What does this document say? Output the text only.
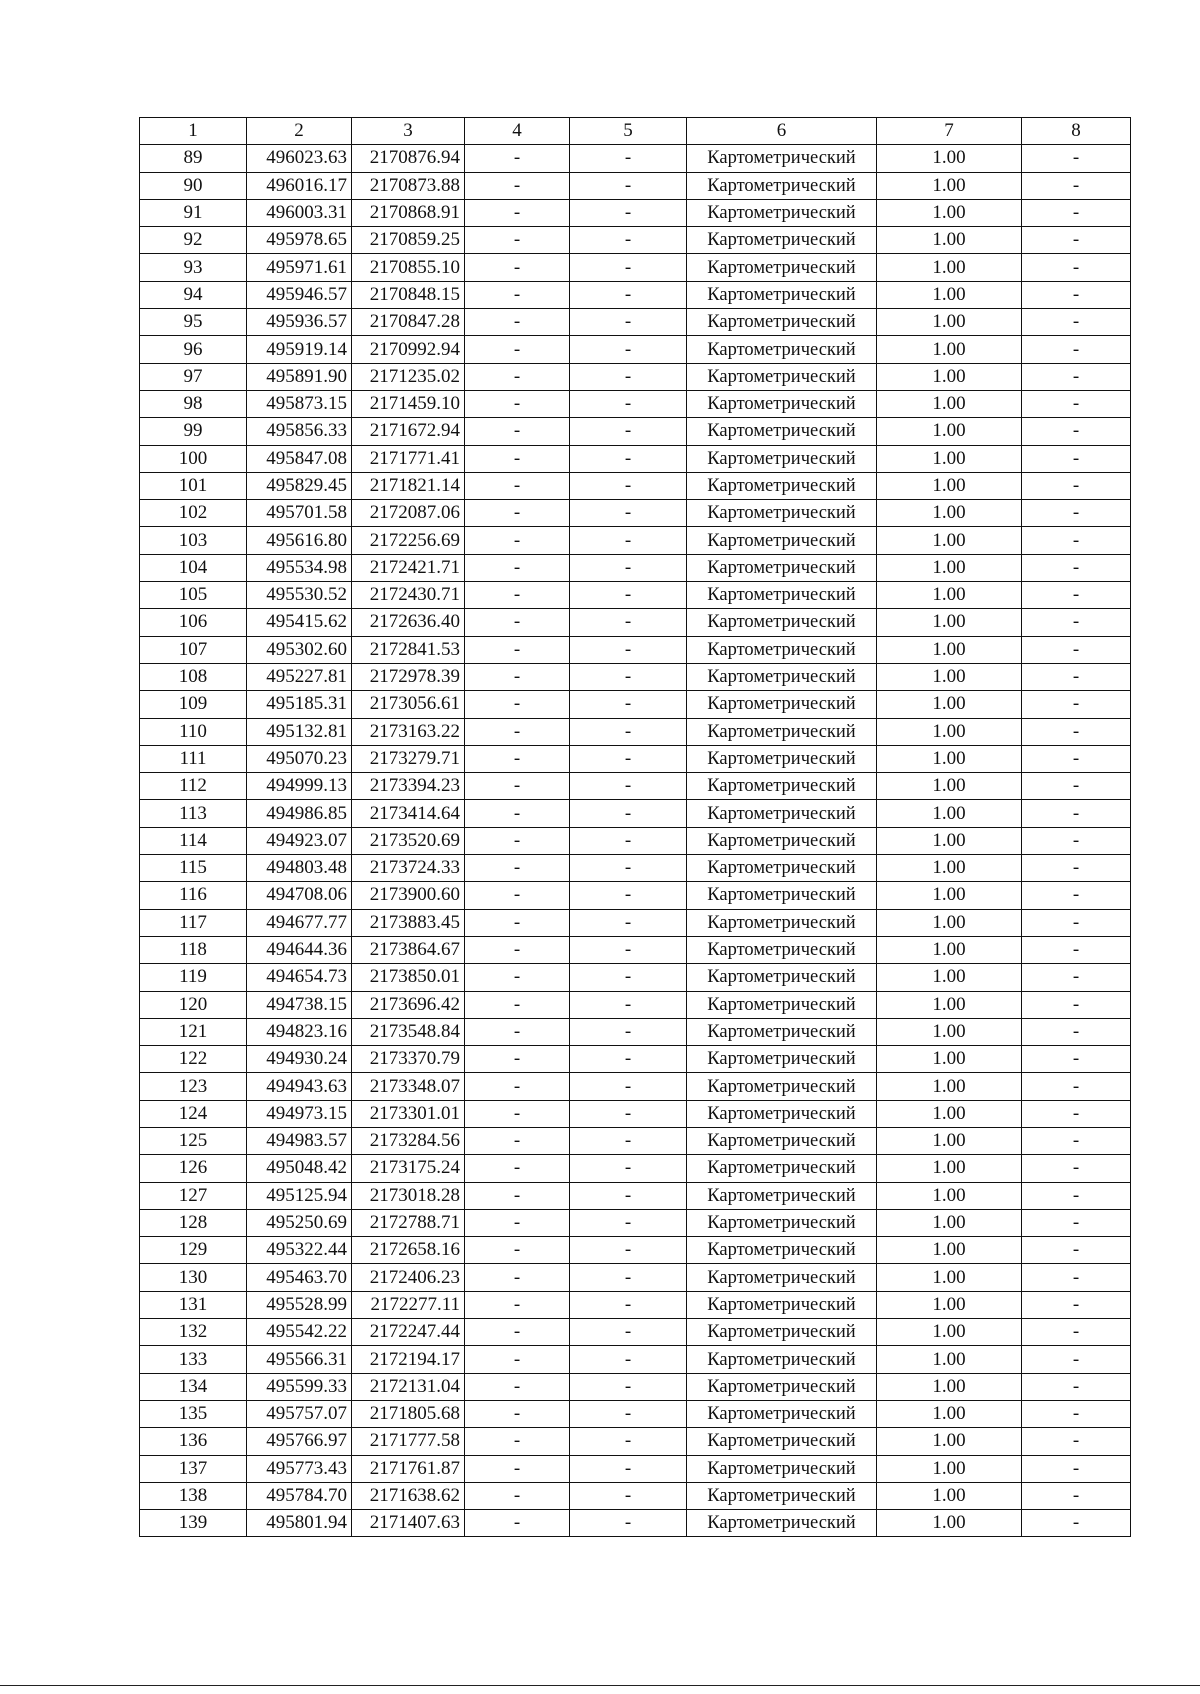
1	2	3	4	5	6	7	8
89	496023.63	2170876.94	-	-	Картометрический	1.00	-
90	496016.17	2170873.88	-	-	Картометрический	1.00	-
91	496003.31	2170868.91	-	-	Картометрический	1.00	-
92	495978.65	2170859.25	-	-	Картометрический	1.00	-
93	495971.61	2170855.10	-	-	Картометрический	1.00	-
94	495946.57	2170848.15	-	-	Картометрический	1.00	-
95	495936.57	2170847.28	-	-	Картометрический	1.00	-
96	495919.14	2170992.94	-	-	Картометрический	1.00	-
97	495891.90	2171235.02	-	-	Картометрический	1.00	-
98	495873.15	2171459.10	-	-	Картометрический	1.00	-
99	495856.33	2171672.94	-	-	Картометрический	1.00	-
100	495847.08	2171771.41	-	-	Картометрический	1.00	-
101	495829.45	2171821.14	-	-	Картометрический	1.00	-
102	495701.58	2172087.06	-	-	Картометрический	1.00	-
103	495616.80	2172256.69	-	-	Картометрический	1.00	-
104	495534.98	2172421.71	-	-	Картометрический	1.00	-
105	495530.52	2172430.71	-	-	Картометрический	1.00	-
106	495415.62	2172636.40	-	-	Картометрический	1.00	-
107	495302.60	2172841.53	-	-	Картометрический	1.00	-
108	495227.81	2172978.39	-	-	Картометрический	1.00	-
109	495185.31	2173056.61	-	-	Картометрический	1.00	-
110	495132.81	2173163.22	-	-	Картометрический	1.00	-
111	495070.23	2173279.71	-	-	Картометрический	1.00	-
112	494999.13	2173394.23	-	-	Картометрический	1.00	-
113	494986.85	2173414.64	-	-	Картометрический	1.00	-
114	494923.07	2173520.69	-	-	Картометрический	1.00	-
115	494803.48	2173724.33	-	-	Картометрический	1.00	-
116	494708.06	2173900.60	-	-	Картометрический	1.00	-
117	494677.77	2173883.45	-	-	Картометрический	1.00	-
118	494644.36	2173864.67	-	-	Картометрический	1.00	-
119	494654.73	2173850.01	-	-	Картометрический	1.00	-
120	494738.15	2173696.42	-	-	Картометрический	1.00	-
121	494823.16	2173548.84	-	-	Картометрический	1.00	-
122	494930.24	2173370.79	-	-	Картометрический	1.00	-
123	494943.63	2173348.07	-	-	Картометрический	1.00	-
124	494973.15	2173301.01	-	-	Картометрический	1.00	-
125	494983.57	2173284.56	-	-	Картометрический	1.00	-
126	495048.42	2173175.24	-	-	Картометрический	1.00	-
127	495125.94	2173018.28	-	-	Картометрический	1.00	-
128	495250.69	2172788.71	-	-	Картометрический	1.00	-
129	495322.44	2172658.16	-	-	Картометрический	1.00	-
130	495463.70	2172406.23	-	-	Картометрический	1.00	-
131	495528.99	2172277.11	-	-	Картометрический	1.00	-
132	495542.22	2172247.44	-	-	Картометрический	1.00	-
133	495566.31	2172194.17	-	-	Картометрический	1.00	-
134	495599.33	2172131.04	-	-	Картометрический	1.00	-
135	495757.07	2171805.68	-	-	Картометрический	1.00	-
136	495766.97	2171777.58	-	-	Картометрический	1.00	-
137	495773.43	2171761.87	-	-	Картометрический	1.00	-
138	495784.70	2171638.62	-	-	Картометрический	1.00	-
139	495801.94	2171407.63	-	-	Картометрический	1.00	-
